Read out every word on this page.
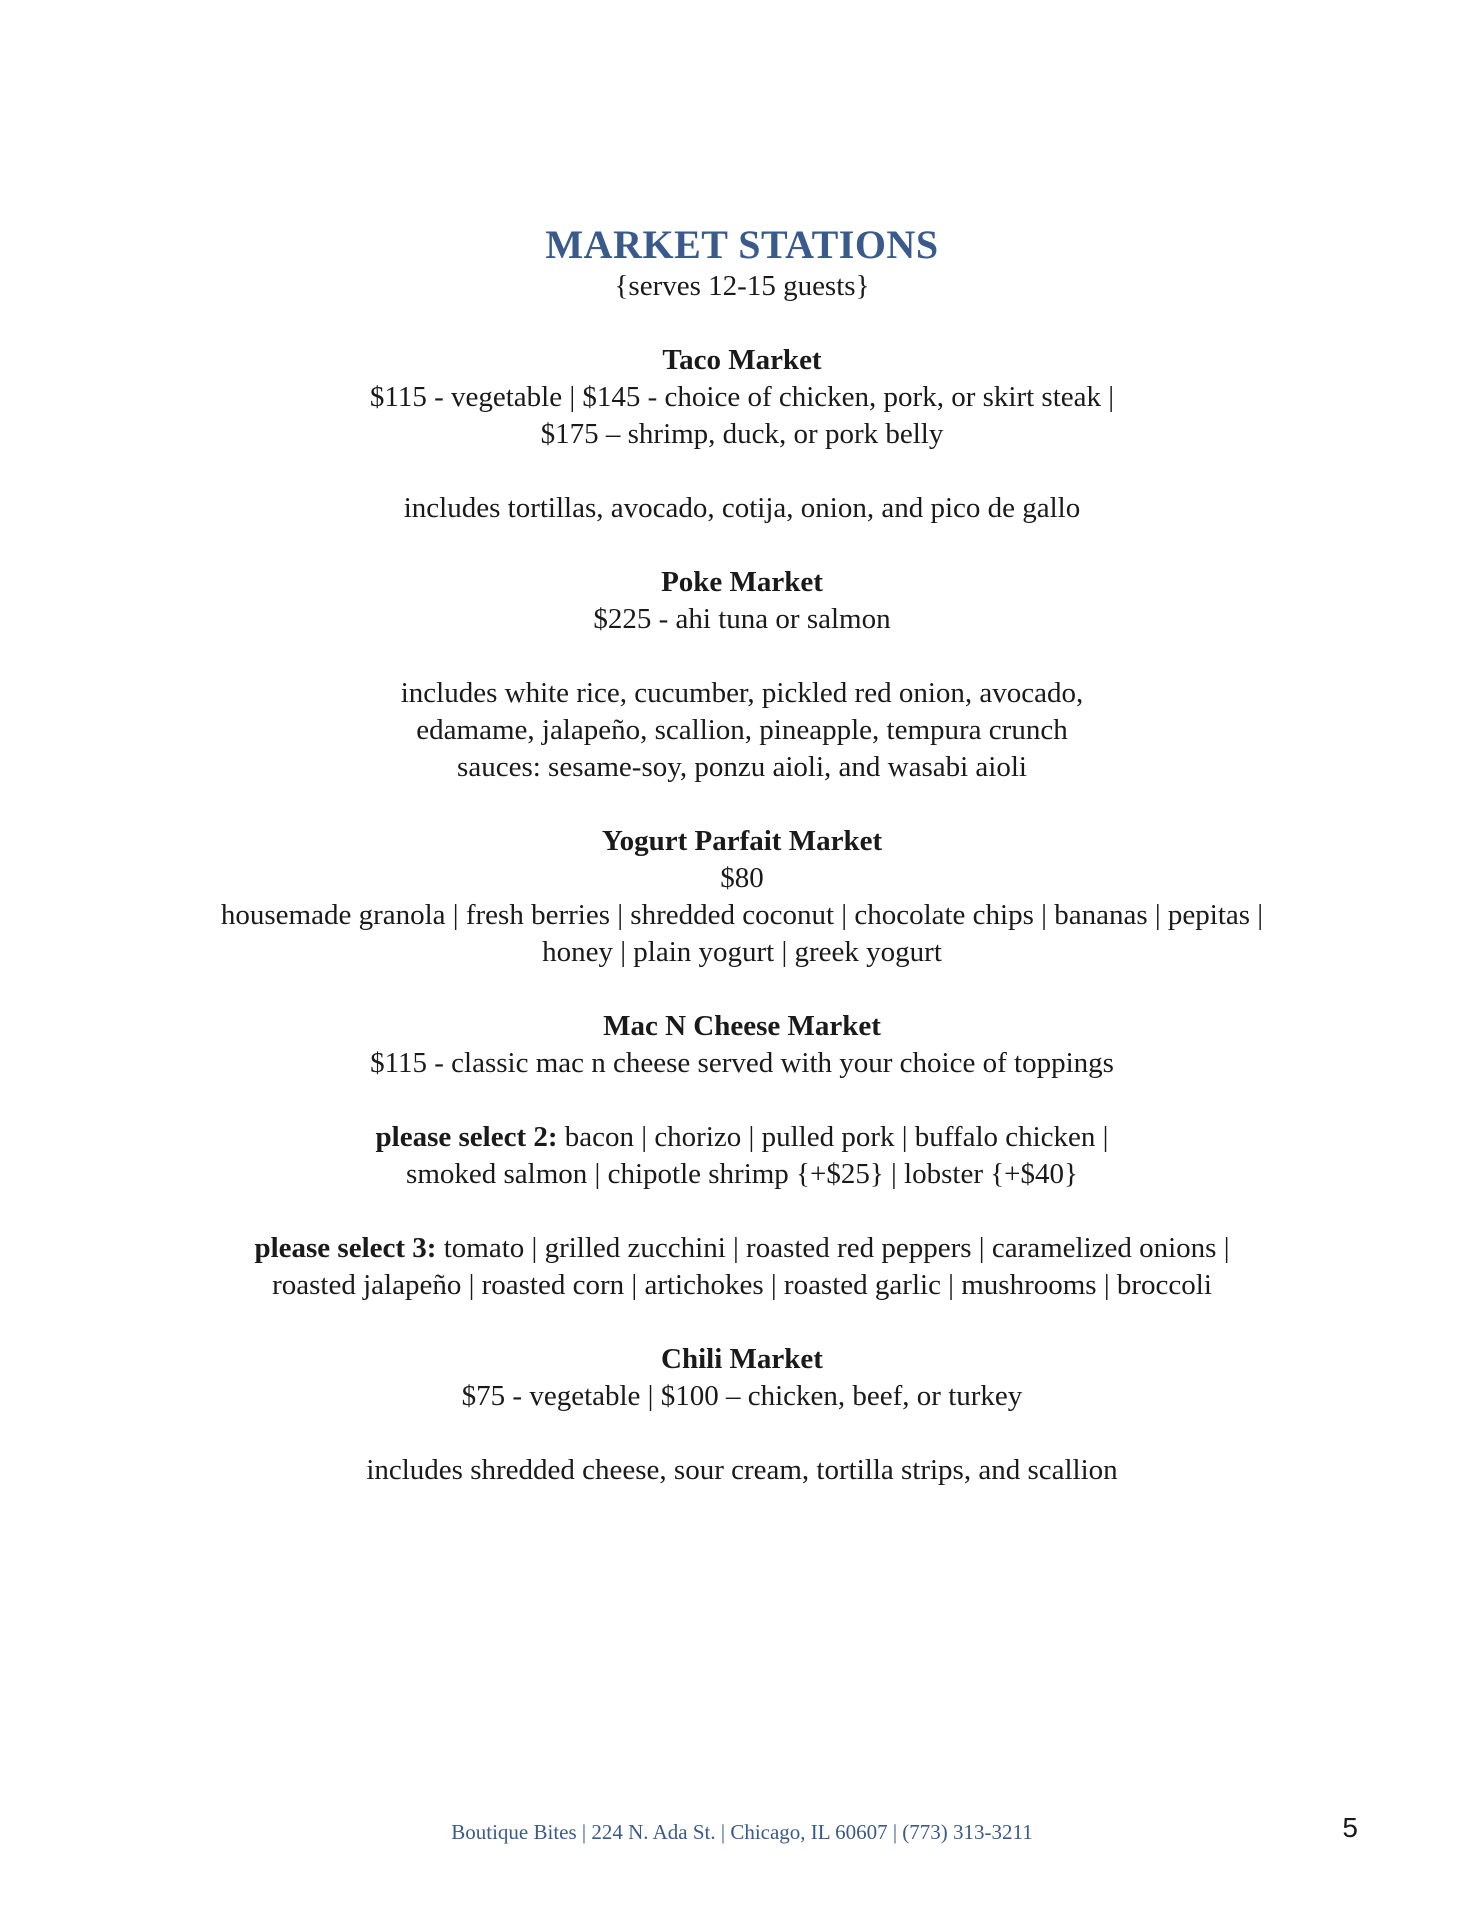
MARKET STATIONS

{serves 12-15 guests}

Taco Market

$115 - vegetable | $145 - choice of chicken, pork, or skirt steak |

$175 – shrimp, duck, or pork belly

includes tortillas, avocado, cotija, onion, and pico de gallo

Poke Market

$225 - ahi tuna or salmon

includes white rice, cucumber, pickled red onion, avocado,

edamame, jalapeño, scallion, pineapple, tempura crunch

sauces: sesame-soy, ponzu aioli, and wasabi aioli

Yogurt Parfait Market

$80

housemade granola | fresh berries | shredded coconut | chocolate chips | bananas | pepitas |

honey | plain yogurt | greek yogurt

Mac N Cheese Market

$115 - classic mac n cheese served with your choice of toppings

please select 2: bacon | chorizo | pulled pork | buffalo chicken |

smoked salmon | chipotle shrimp {+$25} | lobster {+$40}

please select 3: tomato | grilled zucchini | roasted red peppers | caramelized onions |

roasted jalapeño | roasted corn | artichokes | roasted garlic | mushrooms | broccoli

Chili Market

$75 - vegetable | $100 – chicken, beef, or turkey

includes shredded cheese, sour cream, tortilla strips, and scallion

Boutique Bites | 224 N. Ada St. | Chicago, IL 60607 | (773) 313-3211	5
